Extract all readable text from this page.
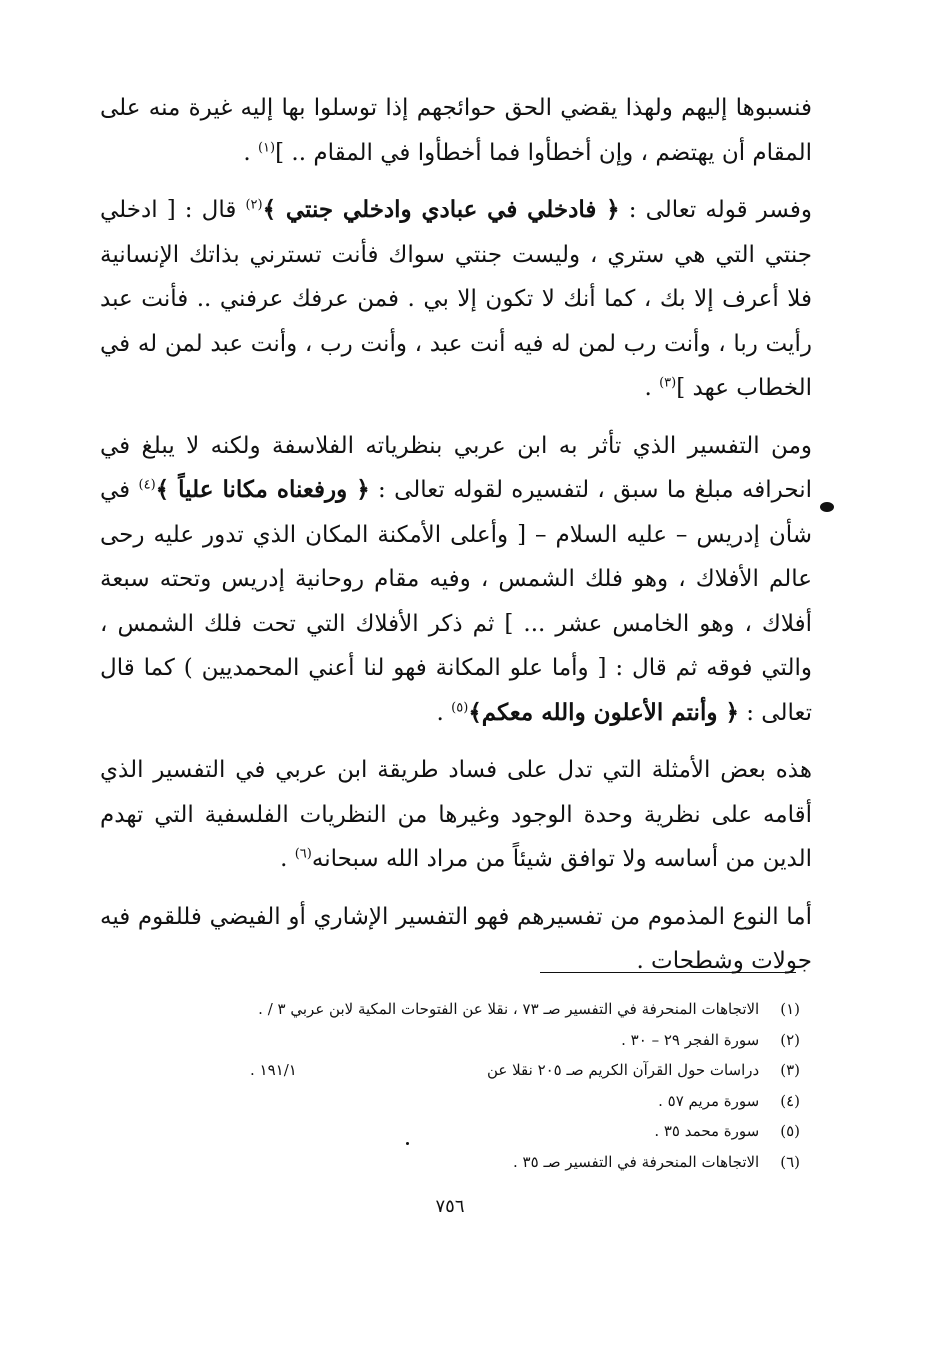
فنسبوها إليهم ولهذا يقضي الحق حوائجهم إذا توسلوا بها إليه غيرة منه على المقام أن يهتضم ، وإن أخطأوا فما أخطأوا في المقام .. ]$^{(١)}$ .

وفسر قوله تعالى : ﴿ فادخلي في عبادي وادخلي جنتي ﴾$^{(٢)}$ قال : [ ادخلي جنتي التي هي ستري ، وليست جنتي سواك فأنت تسترني بذاتك الإنسانية فلا أعرف إلا بك ، كما أنك لا تكون إلا بي . فمن عرفك عرفني .. فأنت عبد رأيت ربا ، وأنت رب لمن له فيه أنت عبد ، وأنت رب ، وأنت عبد لمن له في الخطاب عهد ]$^{(٣)}$ .

ومن التفسير الذي تأثر به ابن عربي بنظرياته الفلاسفة ولكنه لا يبلغ في انحرافه مبلغ ما سبق ، لتفسيره لقوله تعالى : ﴿ ورفعناه مكانا علياً ﴾$^{(٤)}$ في شأن إدريس – عليه السلام – [ وأعلى الأمكنة المكان الذي تدور عليه رحى عالم الأفلاك ، وهو فلك الشمس ، وفيه مقام روحانية إدريس وتحته سبعة أفلاك ، وهو الخامس عشر ... ] ثم ذكر الأفلاك التي تحت فلك الشمس ، والتي فوقه ثم قال : [ وأما علو المكانة فهو لنا أعني المحمديين ) كما قال تعالى : ﴿ وأنتم الأعلون والله معكم﴾$^{(٥)}$ .

هذه بعض الأمثلة التي تدل على فساد طريقة ابن عربي في التفسير الذي أقامه على نظرية وحدة الوجود وغيرها من النظريات الفلسفية التي تهدم الدين من أساسه ولا توافق شيئاً من مراد الله سبحانه$^{(٦)}$ .

أما النوع المذموم من تفسيرهم فهو التفسير الإشاري أو الفيضي فللقوم فيه جولات وشطحات .

(١) الاتجاهات المنحرفة في التفسير صـ ٧٣ ، نقلا عن الفتوحات المكية لابن عربي ٣ / .
(٢) سورة الفجر ٢٩ – ٣٠ .
(٣) دراسات حول القرآن الكريم صـ ٢٠٥ نقلا عن
١٩١/١ .
(٤) سورة مريم ٥٧ .
(٥) سورة محمد ٣٥ .
(٦) الاتجاهات المنحرفة في التفسير صـ ٣٥ .
٧٥٦
